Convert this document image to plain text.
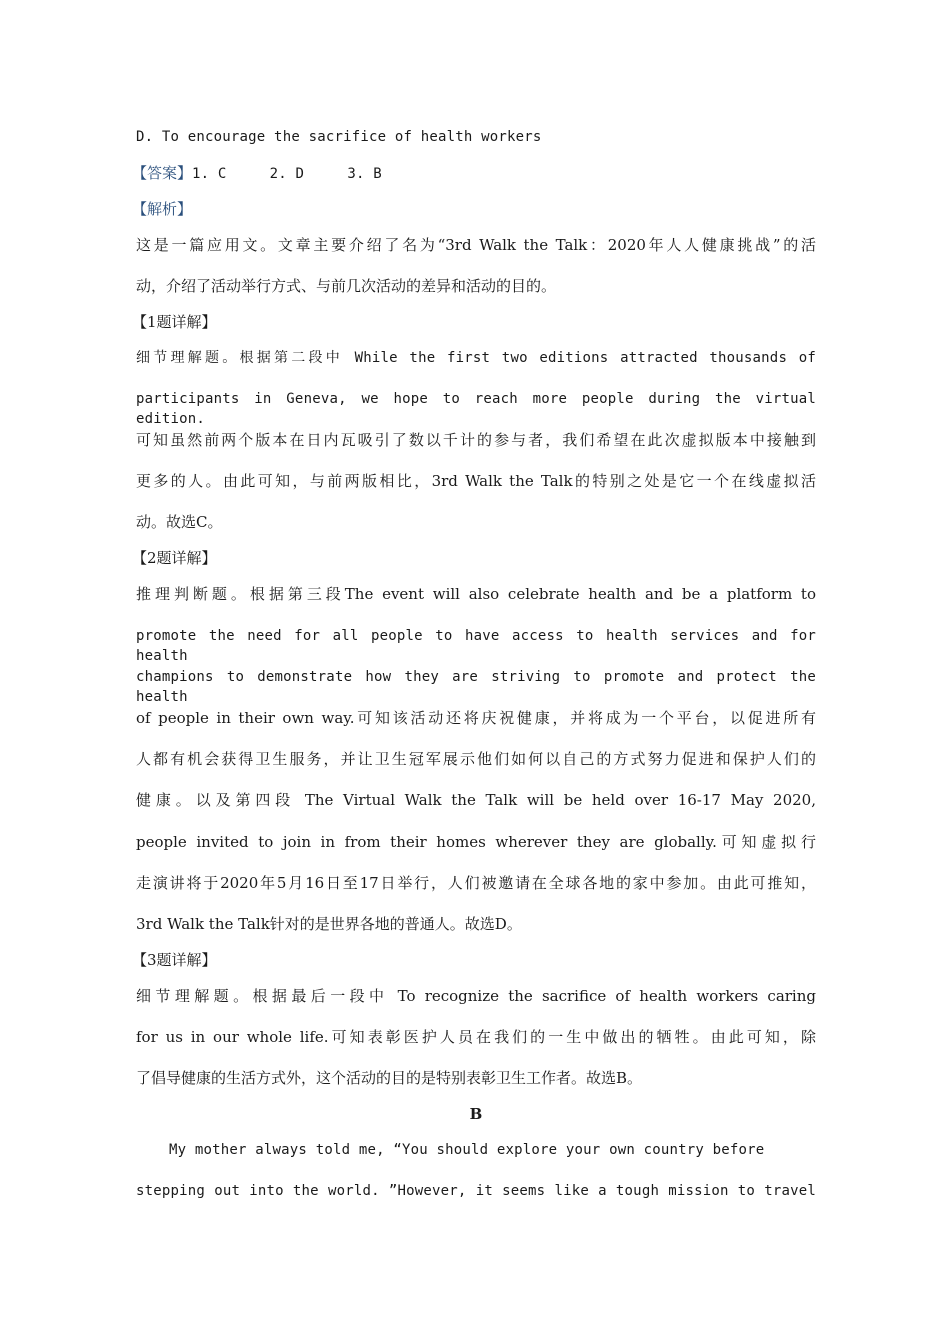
D. To encourage the sacrifice of health workers
【答案】1. C     2. D     3. B
【解析】
这是一篇应用文。文章主要介绍了名为“3rd Walk the Talk：2020年人人健康挑战”的活
动，介绍了活动举行方式、与前几次活动的差异和活动的目的。
【1题详解】
细节理解题。根据第二段中 While the first two editions attracted thousands of
participants in Geneva, we hope to reach more people during the virtual edition.
可知虽然前两个版本在日内瓦吸引了数以千计的参与者，我们希望在此次虚拟版本中接触到
更多的人。由此可知，与前两版相比，3rd Walk the Talk的特别之处是它一个在线虚拟活
动。故选C。
【2题详解】
推理判断题。根据第三段The event will also celebrate health and be a platform to
promote the need for all people to have access to health services and for health
champions to demonstrate how they are striving to promote and protect the health
of people in their own way.可知该活动还将庆祝健康，并将成为一个平台，以促进所有
人都有机会获得卫生服务，并让卫生冠军展示他们如何以自己的方式努力促进和保护人们的
健康。以及第四段 The Virtual Walk the Talk will be held over 16-17 May 2020,
people invited to join in from their homes wherever they are globally.可知虚拟行
走演讲将于2020年5月16日至17日举行，人们被邀请在全球各地的家中参加。由此可推知，
3rd Walk the Talk针对的是世界各地的普通人。故选D。
【3题详解】
细节理解题。根据最后一段中 To recognize the sacrifice of health workers caring
for us in our whole life.可知表彰医护人员在我们的一生中做出的牺牲。由此可知，除
了倡导健康的生活方式外，这个活动的目的是特别表彰卫生工作者。故选B。
B
My mother always told me, “You should explore your own country before
stepping out into the world. ”However, it seems like a tough mission to travel
